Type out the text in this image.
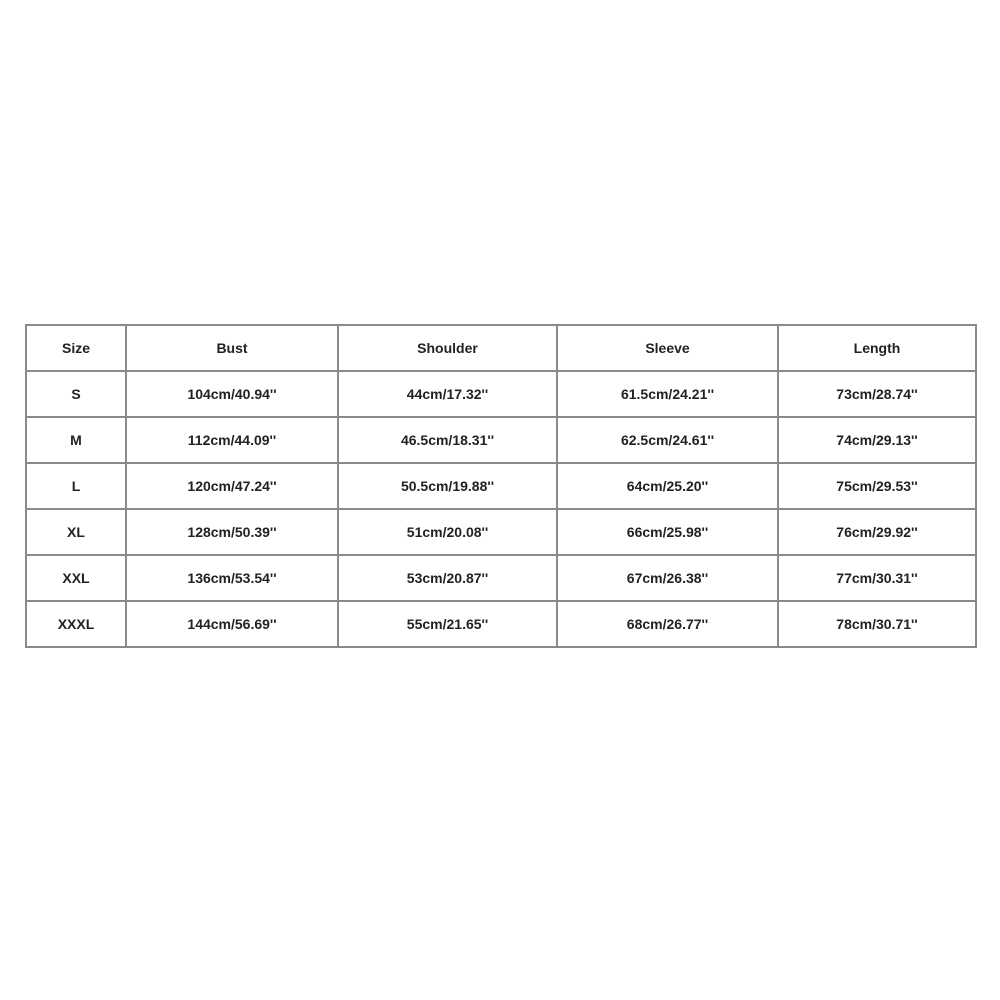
Size	Bust	Shoulder	Sleeve	Length
S	104cm/40.94''	44cm/17.32''	61.5cm/24.21''	73cm/28.74''
M	112cm/44.09''	46.5cm/18.31''	62.5cm/24.61''	74cm/29.13''
L	120cm/47.24''	50.5cm/19.88''	64cm/25.20''	75cm/29.53''
XL	128cm/50.39''	51cm/20.08''	66cm/25.98''	76cm/29.92''
XXL	136cm/53.54''	53cm/20.87''	67cm/26.38''	77cm/30.31''
XXXL	144cm/56.69''	55cm/21.65''	68cm/26.77''	78cm/30.71''
